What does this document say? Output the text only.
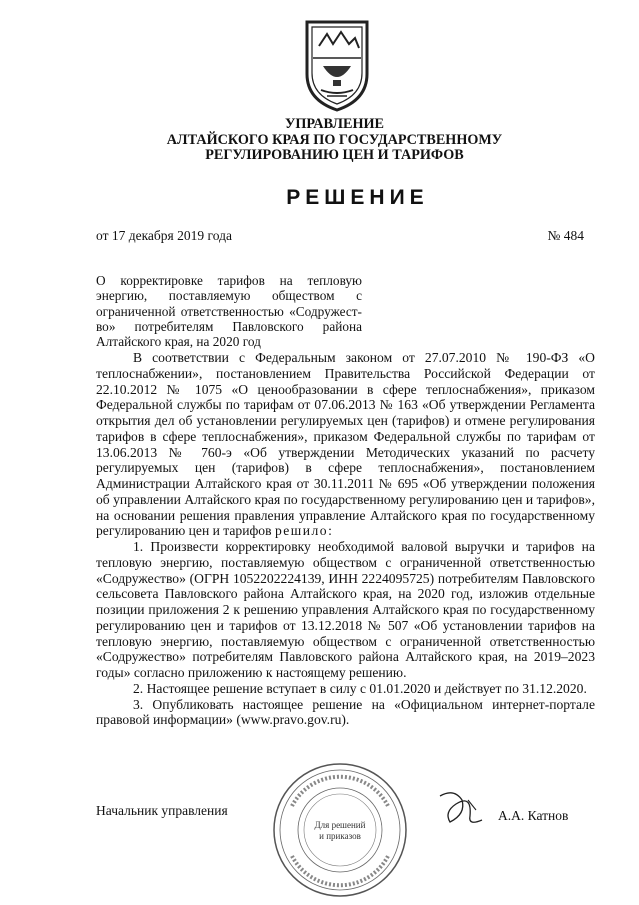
УПРАВЛЕНИЕ
АЛТАЙСКОГО КРАЯ ПО ГОСУДАРСТВЕННОМУ
РЕГУЛИРОВАНИЮ ЦЕН И ТАРИФОВ
РЕШЕНИЕ
от 17 декабря 2019 года	№ 484
О корректировке тарифов на тепловую энергию, поставляемую обществом с ограниченной ответственностью «Содружест-во» потребителям Павловского района Алтайского края, на 2020 год

В соответствии с Федеральным законом от 27.07.2010 № 190-ФЗ «О теплоснабжении», постановлением Правительства Российской Федерации от 22.10.2012 № 1075 «О ценообразовании в сфере теплоснабжения», приказом Федеральной службы по тарифам от 07.06.2013 № 163 «Об утверждении Регламента открытия дел об установлении регулируемых цен (тарифов) и отмене регулирования тарифов в сфере теплоснабжения», приказом Федеральной службы по тарифам от 13.06.2013 № 760-э «Об утверждении Методических указаний по расчету регулируемых цен (тарифов) в сфере теплоснабжения», постановлением Администрации Алтайского края от 30.11.2011 № 695 «Об утверждении положения об управлении Алтайского края по государственному регулированию цен и тарифов», на основании решения правления управление Алтайского края по государственному регулированию цен и тарифов решило:

1. Произвести корректировку необходимой валовой выручки и тарифов на тепловую энергию, поставляемую обществом с ограниченной ответственностью «Содружество» (ОГРН 1052202224139, ИНН 2224095725) потребителям Павловского сельсовета Павловского района Алтайского края, на 2020 год, изложив отдельные позиции приложения 2 к решению управления Алтайского края по государственному регулированию цен и тарифов от 13.12.2018 № 507 «Об установлении тарифов на тепловую энергию, поставляемую обществом с ограниченной ответственностью «Содружество» потребителям Павловского района Алтайского края, на 2019–2023 годы» согласно приложению к настоящему решению.

2. Настоящее решение вступает в силу с 01.01.2020 и действует по 31.12.2020.

3. Опубликовать настоящее решение на «Официальном интернет-портале правовой информации» (www.pravo.gov.ru).

Начальник управления
Для решений
и приказов
А.А. Катнов
